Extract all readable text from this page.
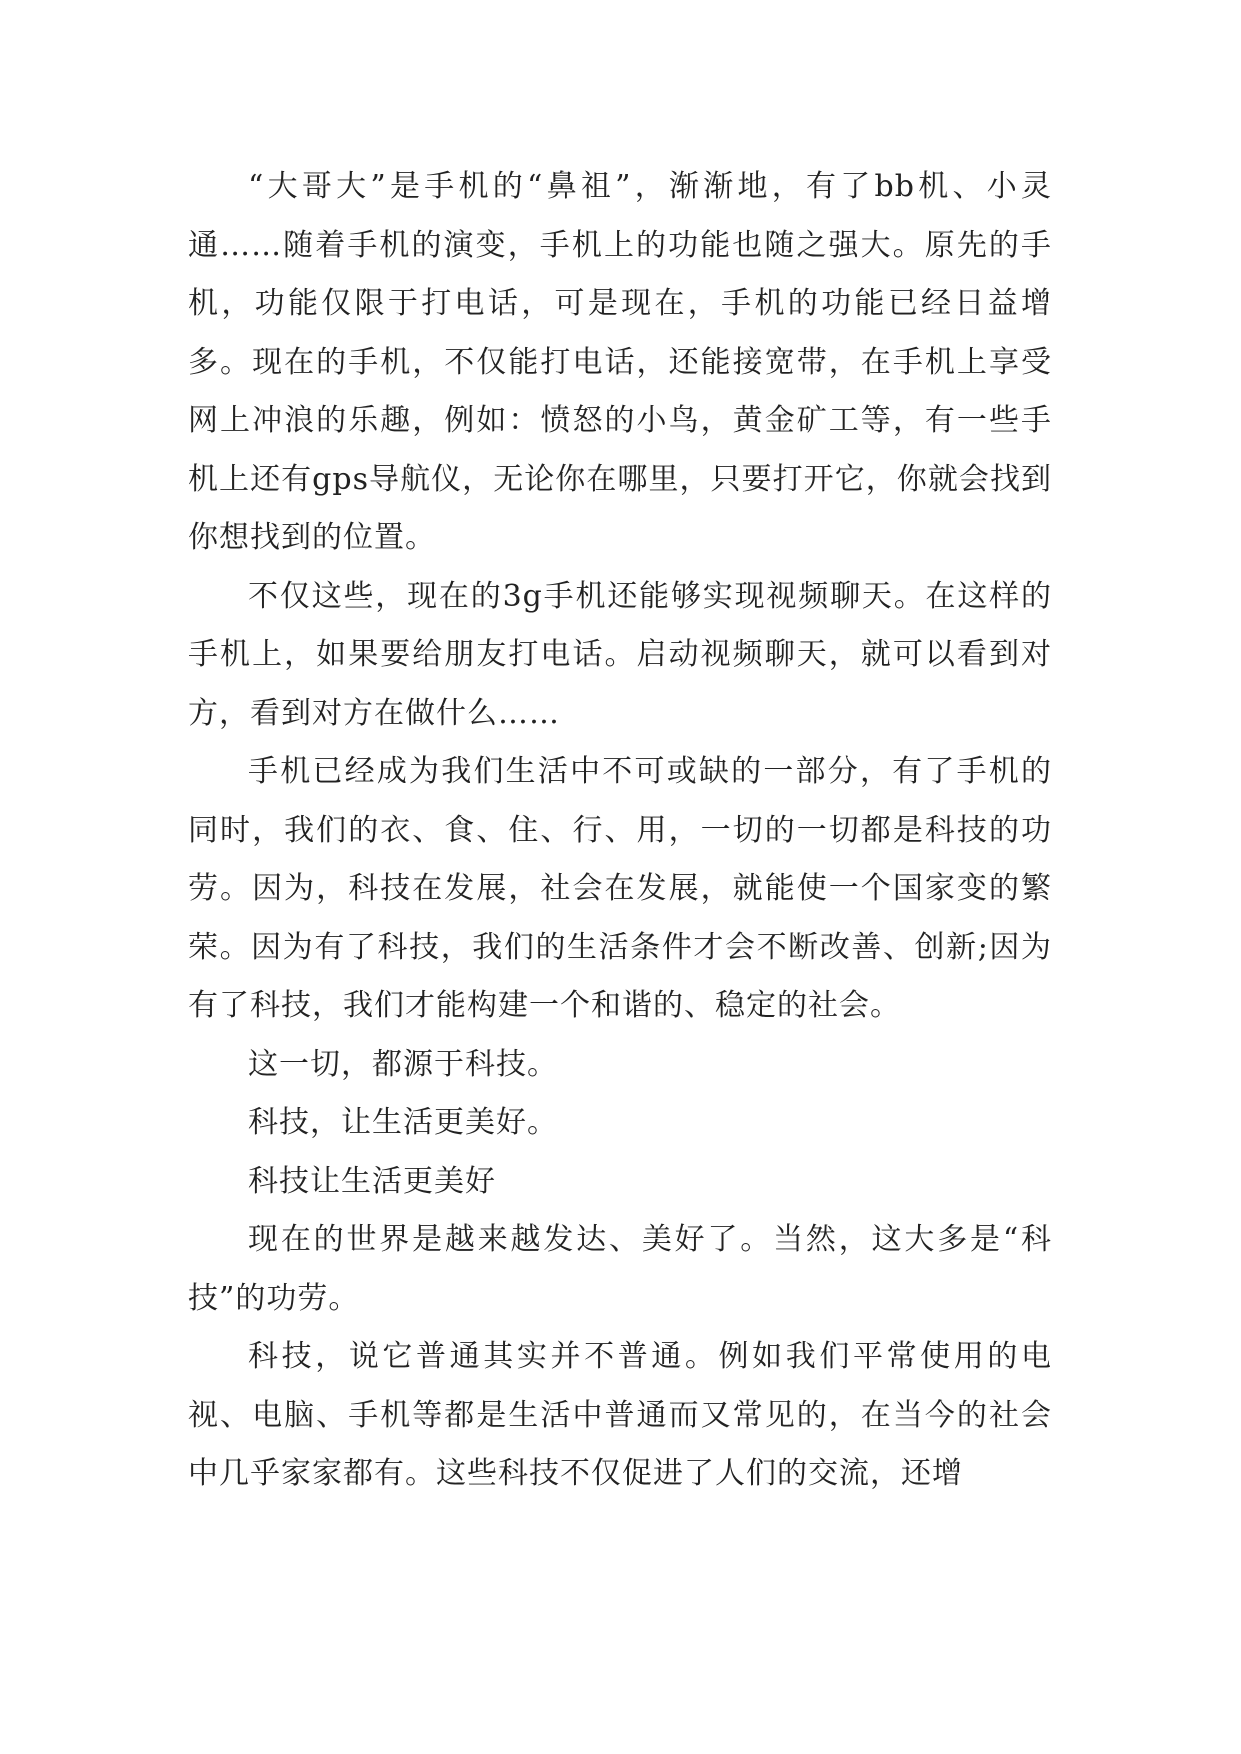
“大哥大”是手机的“鼻祖”，渐渐地，有了bb机、小灵通……随着手机的演变，手机上的功能也随之强大。原先的手机，功能仅限于打电话，可是现在，手机的功能已经日益增多。现在的手机，不仅能打电话，还能接宽带，在手机上享受网上冲浪的乐趣，例如：愤怒的小鸟，黄金矿工等，有一些手机上还有gps导航仪，无论你在哪里，只要打开它，你就会找到你想找到的位置。

不仅这些，现在的3g手机还能够实现视频聊天。在这样的手机上，如果要给朋友打电话。启动视频聊天，就可以看到对方，看到对方在做什么……

手机已经成为我们生活中不可或缺的一部分，有了手机的同时，我们的衣、食、住、行、用，一切的一切都是科技的功劳。因为，科技在发展，社会在发展，就能使一个国家变的繁荣。因为有了科技，我们的生活条件才会不断改善、创新;因为有了科技，我们才能构建一个和谐的、稳定的社会。

这一切，都源于科技。

科技，让生活更美好。

科技让生活更美好

现在的世界是越来越发达、美好了。当然，这大多是“科技”的功劳。

科技，说它普通其实并不普通。例如我们平常使用的电视、电脑、手机等都是生活中普通而又常见的，在当今的社会中几乎家家都有。这些科技不仅促进了人们的交流，还增
